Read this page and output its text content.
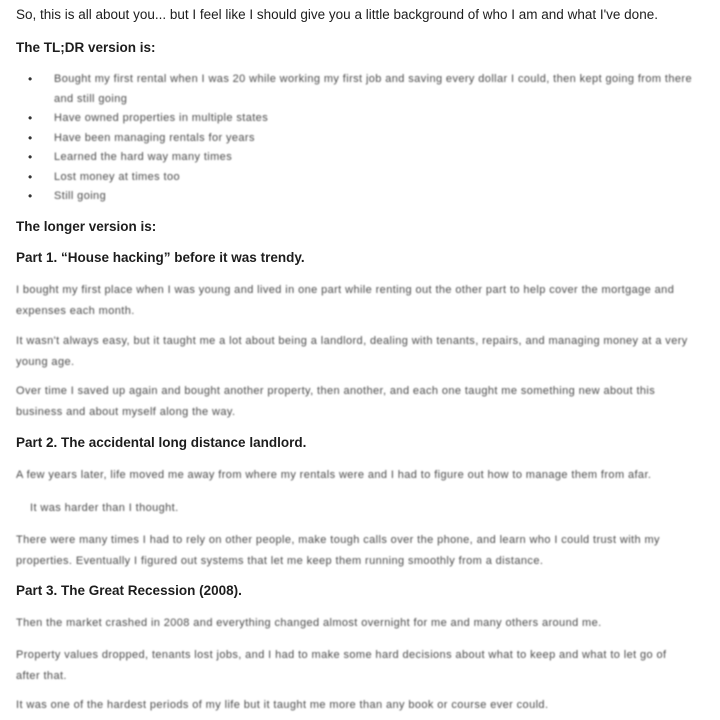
So, this is all about you... but I feel like I should give you a little background of who I am and what I've done.
The TL;DR version is:
• Bought my first rental when I was 20 while working my first job and saving every dollar I could, then kept going from there
and still going
• Have owned properties in multiple states
• Have been managing rentals for years
• Learned the hard way many times
• Lost money at times too
• Still going
The longer version is:
Part 1. “House hacking” before it was trendy.
I bought my first place when I was young and lived in one part while renting out the other part to help cover the mortgage and
expenses each month.
It wasn't always easy, but it taught me a lot about being a landlord, dealing with tenants, repairs, and managing money at a very
young age.
Over time I saved up again and bought another property, then another, and each one taught me something new about this
business and about myself along the way.
Part 2. The accidental long distance landlord.
A few years later, life moved me away from where my rentals were and I had to figure out how to manage them from afar.
It was harder than I thought.
There were many times I had to rely on other people, make tough calls over the phone, and learn who I could trust with my
properties. Eventually I figured out systems that let me keep them running smoothly from a distance.
Part 3. The Great Recession (2008).
Then the market crashed in 2008 and everything changed almost overnight for me and many others around me.
Property values dropped, tenants lost jobs, and I had to make some hard decisions about what to keep and what to let go of
after that.
It was one of the hardest periods of my life but it taught me more than any book or course ever could.
